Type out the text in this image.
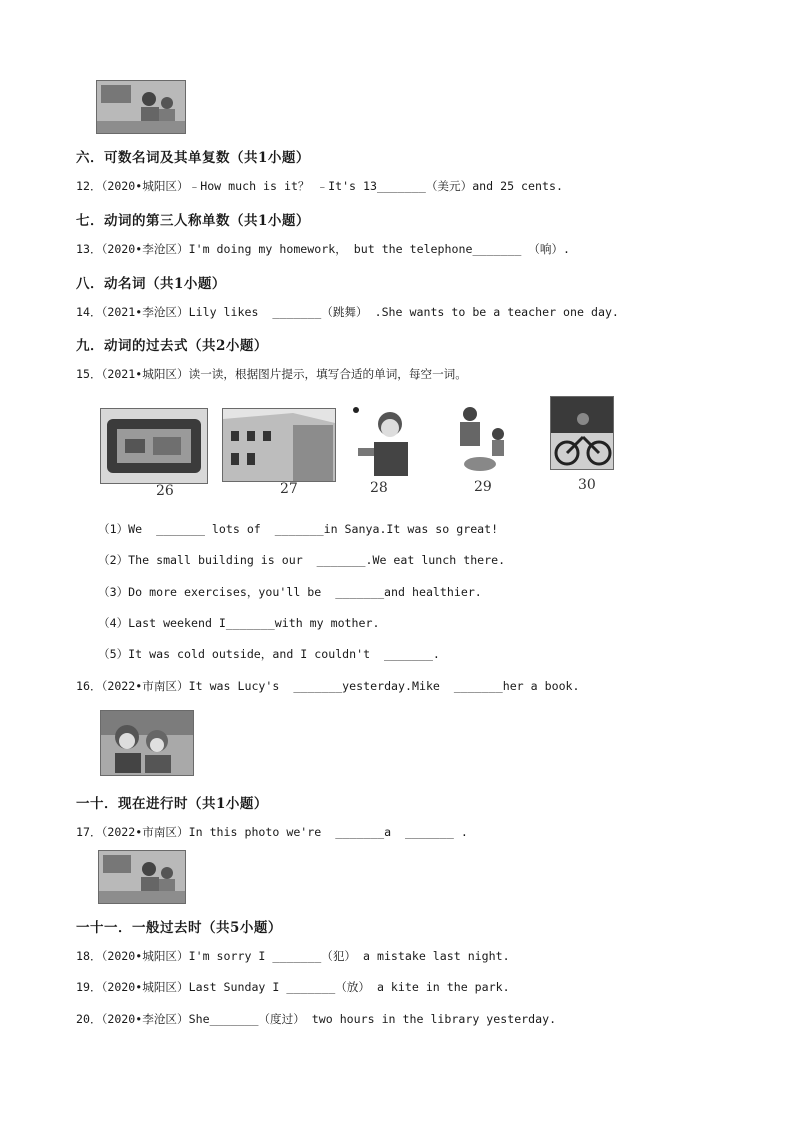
六．可数名词及其单复数（共1小题）
12．（2020•城阳区）﹣How much is it？ ﹣It's 13_______（美元）and 25 cents.
七．动词的第三人称单数（共1小题）
13．（2020•李沧区）I'm doing my homework， but the telephone_______ （响）.
八．动名词（共1小题）
14．（2021•李沧区）Lily likes  _______（跳舞） .She wants to be a teacher one day.
九．动词的过去式（共2小题）
15．（2021•城阳区）读一读，根据图片提示，填写合适的单词，每空一词。
26	27	28	29	30
（1）We  _______ lots of  _______in Sanya.It was so great!
（2）The small building is our  _______.We eat lunch there.
（3）Do more exercises，you'll be  _______and healthier.
（4）Last weekend I_______with my mother.
（5）It was cold outside，and I couldn't  _______.
16．（2022•市南区）It was Lucy's  _______yesterday.Mike  _______her a book.
一十．现在进行时（共1小题）
17．（2022•市南区）In this photo we're  _______a  _______ .
一十一．一般过去时（共5小题）
18．（2020•城阳区）I'm sorry I _______（犯） a mistake last night.
19．（2020•城阳区）Last Sunday I _______（放） a kite in the park.
20．（2020•李沧区）She_______（度过） two hours in the library yesterday.
